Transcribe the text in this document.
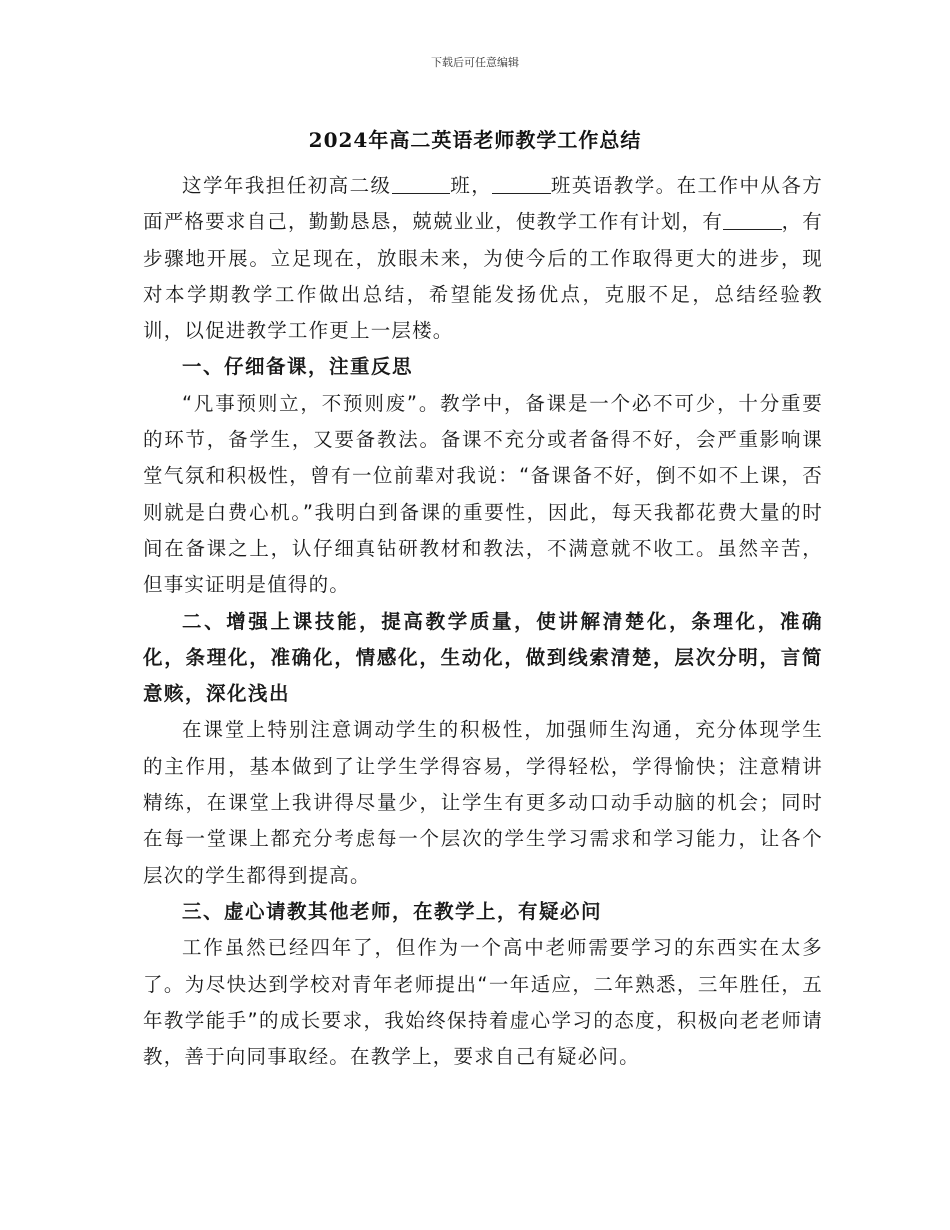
下载后可任意编辑
2024年高二英语老师教学工作总结

这学年我担任初高二级	班，	班英语教学。在工作中从各方面严格要求自己，勤勤恳恳，兢兢业业，使教学工作有计划，有	，有步骤地开展。立足现在，放眼未来，为使今后的工作取得更大的进步，现对本学期教学工作做出总结，希望能发扬优点，克服不足，总结经验教训，以促进教学工作更上一层楼。

一、仔细备课，注重反思

“凡事预则立，不预则废”。教学中，备课是一个必不可少，十分重要的环节，备学生，又要备教法。备课不充分或者备得不好，会严重影响课堂气氛和积极性，曾有一位前辈对我说：“备课备不好，倒不如不上课，否则就是白费心机。”我明白到备课的重要性，因此，每天我都花费大量的时间在备课之上，认仔细真钻研教材和教法，不满意就不收工。虽然辛苦，但事实证明是值得的。

二、增强上课技能，提高教学质量，使讲解清楚化，条理化，准确化，条理化，准确化，情感化，生动化，做到线索清楚，层次分明，言简意赅，深化浅出

在课堂上特别注意调动学生的积极性，加强师生沟通，充分体现学生的主作用，基本做到了让学生学得容易，学得轻松，学得愉快；注意精讲精练，在课堂上我讲得尽量少，让学生有更多动口动手动脑的机会；同时在每一堂课上都充分考虑每一个层次的学生学习需求和学习能力，让各个层次的学生都得到提高。

三、虚心请教其他老师，在教学上，有疑必问

工作虽然已经四年了，但作为一个高中老师需要学习的东西实在太多了。为尽快达到学校对青年老师提出“一年适应，二年熟悉，三年胜任，五年教学能手”的成长要求，我始终保持着虚心学习的态度，积极向老老师请教，善于向同事取经。在教学上，要求自己有疑必问。
